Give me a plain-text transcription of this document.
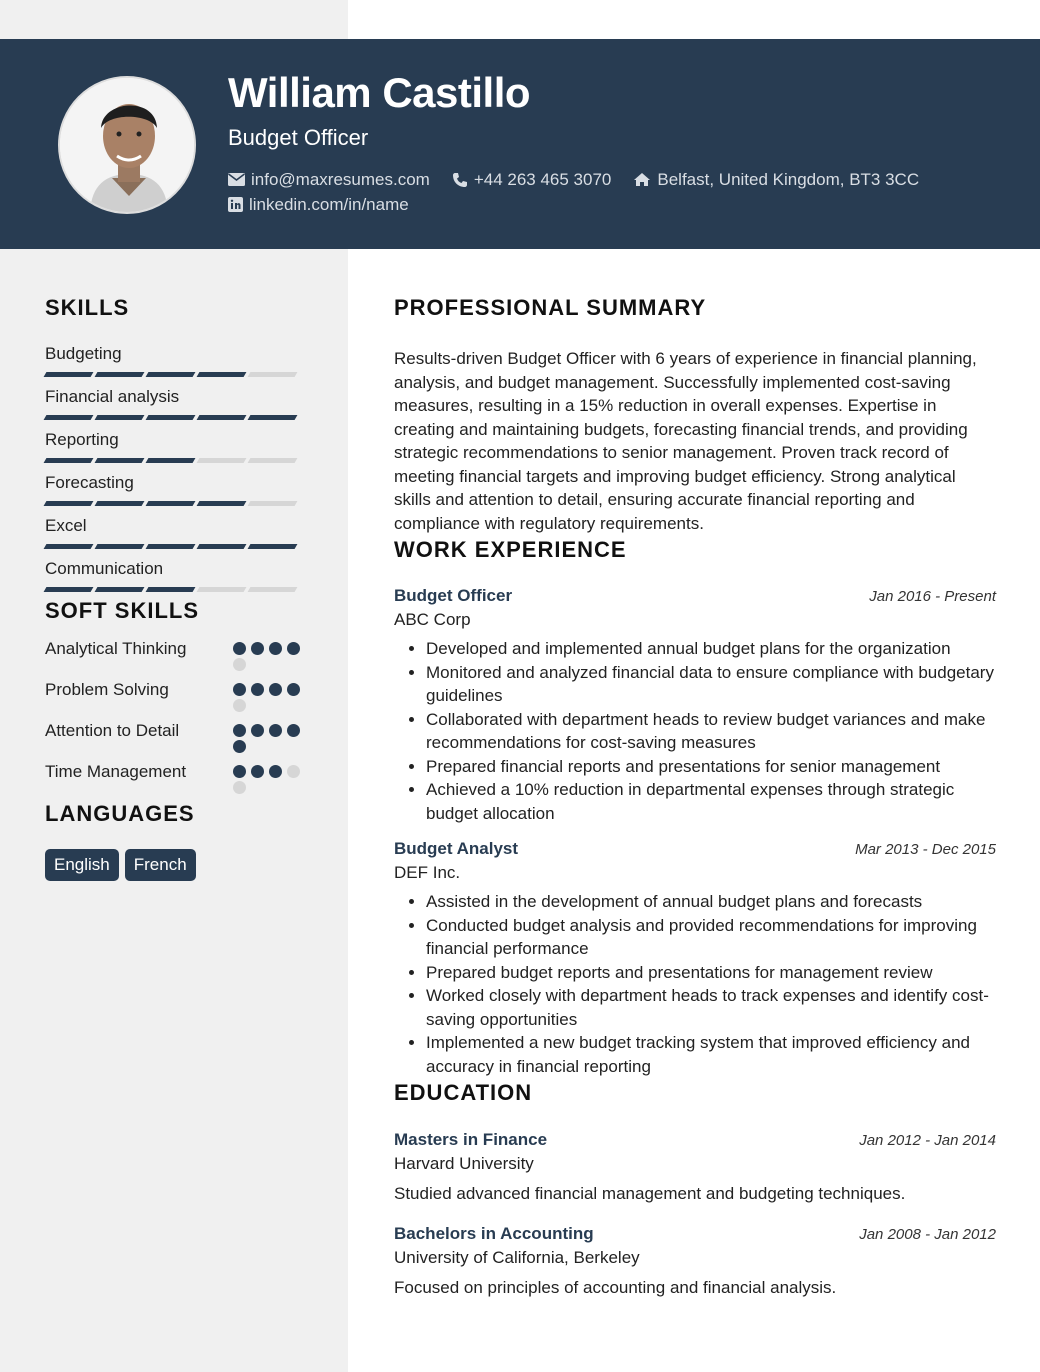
William Castillo
Budget Officer
info@maxresumes.com	+44 263 465 3070	Belfast, United Kingdom, BT3 3CC
linkedin.com/in/name
SKILLS
Budgeting
Financial analysis
Reporting
Forecasting
Excel
Communication
SOFT SKILLS
Analytical Thinking
Problem Solving
Attention to Detail
Time Management
LANGUAGES
English	French
PROFESSIONAL SUMMARY
Results-driven Budget Officer with 6 years of experience in financial planning, analysis, and budget management. Successfully implemented cost-saving measures, resulting in a 15% reduction in overall expenses. Expertise in creating and maintaining budgets, forecasting financial trends, and providing strategic recommendations to senior management. Proven track record of meeting financial targets and improving budget efficiency. Strong analytical skills and attention to detail, ensuring accurate financial reporting and compliance with regulatory requirements.
WORK EXPERIENCE
Budget Officer	Jan 2016 - Present
ABC Corp
• Developed and implemented annual budget plans for the organization
• Monitored and analyzed financial data to ensure compliance with budgetary guidelines
• Collaborated with department heads to review budget variances and make recommendations for cost-saving measures
• Prepared financial reports and presentations for senior management
• Achieved a 10% reduction in departmental expenses through strategic budget allocation
Budget Analyst	Mar 2013 - Dec 2015
DEF Inc.
• Assisted in the development of annual budget plans and forecasts
• Conducted budget analysis and provided recommendations for improving financial performance
• Prepared budget reports and presentations for management review
• Worked closely with department heads to track expenses and identify cost-saving opportunities
• Implemented a new budget tracking system that improved efficiency and accuracy in financial reporting
EDUCATION
Masters in Finance	Jan 2012 - Jan 2014
Harvard University
Studied advanced financial management and budgeting techniques.
Bachelors in Accounting	Jan 2008 - Jan 2012
University of California, Berkeley
Focused on principles of accounting and financial analysis.
